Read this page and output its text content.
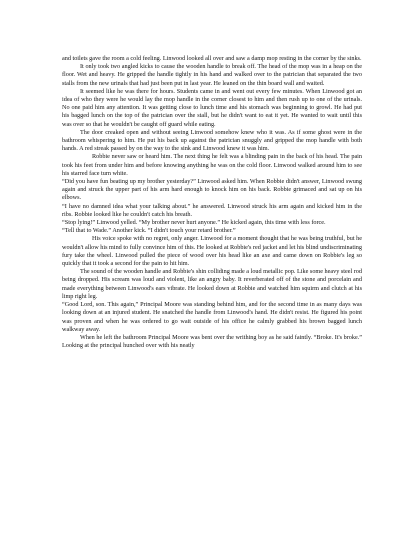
and toilets gave the room a cold feeling. Linwood looked all over and saw a damp mop resting in the corner by the sinks.

It only took two angled kicks to cause the wooden handle to break off. The head of the mop was in a heap on the floor. Wet and heavy. He gripped the handle tightly in his hand and walked over to the patrician that separated the two stalls from the new urinals that had just been put in last year. He leaned on the thin board wall and waited.

It seemed like he was there for hours. Students came in and went out every few minutes. When Linwood got an idea of who they were he would lay the mop handle in the corner closest to him and then rush up to one of the urinals. No one paid him any attention. It was getting close to lunch time and his stomach was beginning to growl. He had put his bagged lunch on the top of the patrician over the stall, but he didn't want to eat it yet. He wanted to wait until this was over so that he wouldn't be caught off guard while eating.

The door creaked open and without seeing Linwood somehow knew who it was. As if some ghost were in the bathroom whispering to him. He put his back up against the patrician snuggly and gripped the mop handle with both hands. A red streak passed by on the way to the sink and Linwood knew it was him.

Robbie never saw or heard him. The next thing he felt was a blinding pain in the back of his head. The pain took his feet from under him and before knowing anything he was on the cold floor. Linwood walked around him to see his starred face turn white.

“Did you have fun beating up my brother yesterday?” Linwood asked him. When Robbie didn't answer, Linwood swung again and struck the upper part of his arm hard enough to knock him on his back. Robbie grimaced and sat up on his elbows.

“I have no damned idea what your talking about.” he answered. Linwood struck his arm again and kicked him in the ribs. Robbie looked like he couldn't catch his breath.

“Stop lying!” Linwood yelled. “My brother never hurt anyone.” He kicked again, this time with less force.

“Tell that to Wade.” Another kick. “I didn't touch your retard brother.”

His voice spoke with no regret, only anger. Linwood for a moment thought that he was being truthful, but he wouldn't allow his mind to fully convince him of this. He looked at Robbie's red jacket and let his blind undiscriminating fury take the wheel. Linwood pulled the piece of wood over his head like an axe and came down on Robbie's leg so quickly that it took a second for the pain to hit him.

The sound of the wooden handle and Robbie's shin colliding made a loud metallic pop. Like some heavy steel rod being dropped. His scream was loud and violent, like an angry baby. It reverberated off of the stone and porcelain and made everything between Linwood's ears vibrate. He looked down at Robbie and watched him squirm and clutch at his limp right leg.

“Good Lord, son. This again,” Principal Moore was standing behind him, and for the second time in as many days was looking down at an injured student. He snatched the handle from Linwood's hand. He didn't resist. He figured his point was proven and when he was ordered to go wait outside of his office he calmly grabbed his brown bagged lunch walkway away.

When he left the bathroom Principal Moore was bent over the writhing boy as he said faintly. “Broke. It's broke.” Looking at the principal hunched over with his neatly
